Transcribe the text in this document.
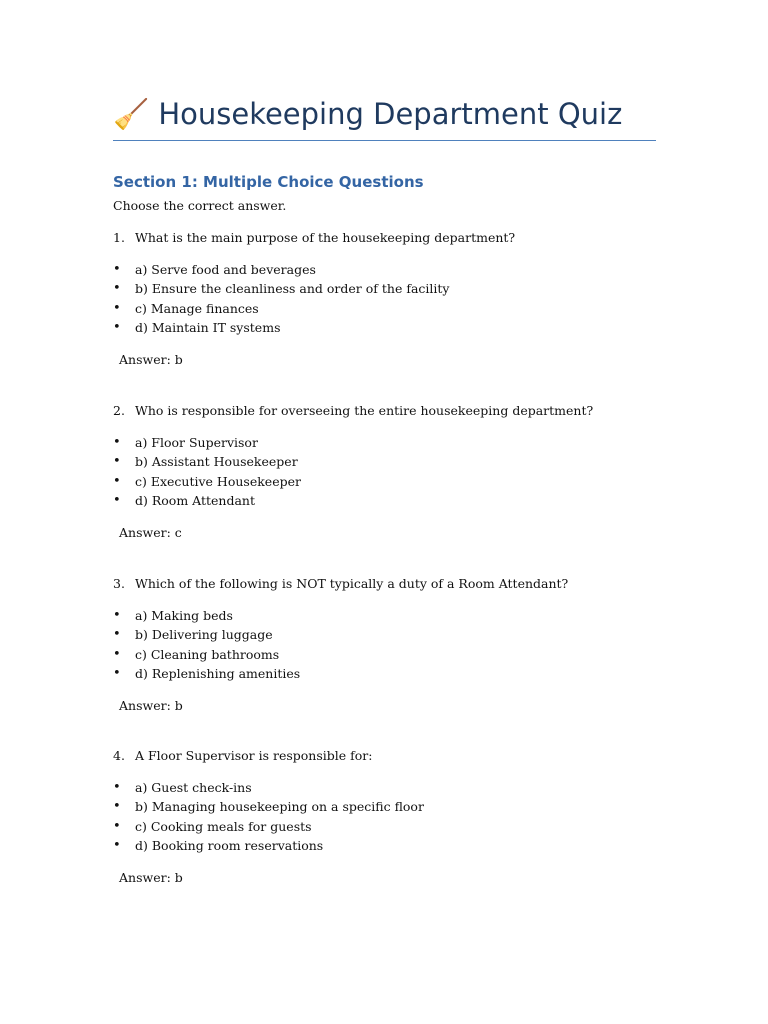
🧹 Housekeeping Department Quiz
Section 1: Multiple Choice Questions
Choose the correct answer.
1. What is the main purpose of the housekeeping department?
• a) Serve food and beverages
• b) Ensure the cleanliness and order of the facility
• c) Manage finances
• d) Maintain IT systems
Answer: b
2. Who is responsible for overseeing the entire housekeeping department?
• a) Floor Supervisor
• b) Assistant Housekeeper
• c) Executive Housekeeper
• d) Room Attendant
Answer: c
3. Which of the following is NOT typically a duty of a Room Attendant?
• a) Making beds
• b) Delivering luggage
• c) Cleaning bathrooms
• d) Replenishing amenities
Answer: b
4. A Floor Supervisor is responsible for:
• a) Guest check-ins
• b) Managing housekeeping on a specific floor
• c) Cooking meals for guests
• d) Booking room reservations
Answer: b
